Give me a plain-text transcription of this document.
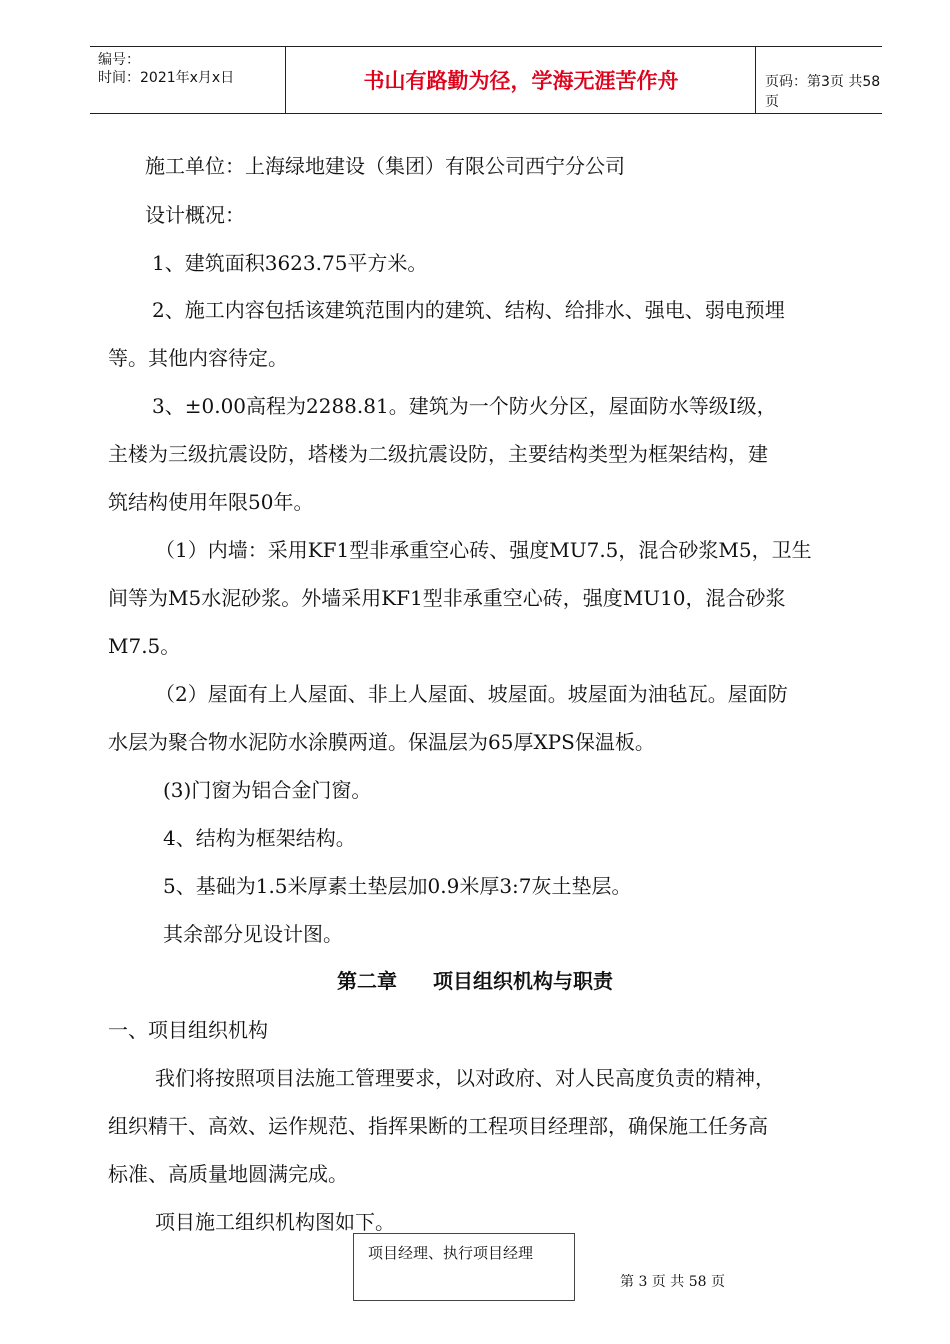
编号：
时间：2021年x月x日	书山有路勤为径，学海无涯苦作舟	页码：第3页 共58页
施工单位：上海绿地建设（集团）有限公司西宁分公司
设计概况：
1、建筑面积3623.75平方米。
2、施工内容包括该建筑范围内的建筑、结构、给排水、强电、弱电预埋
等。其他内容待定。
3、±0.00高程为2288.81。建筑为一个防火分区，屋面防水等级Ⅰ级，
主楼为三级抗震设防，塔楼为二级抗震设防，主要结构类型为框架结构，建
筑结构使用年限50年。
（1）内墙：采用KF1型非承重空心砖、强度MU7.5，混合砂浆M5，卫生
间等为M5水泥砂浆。外墙采用KF1型非承重空心砖，强度MU10，混合砂浆
M7.5。
（2）屋面有上人屋面、非上人屋面、坡屋面。坡屋面为油毡瓦。屋面防
水层为聚合物水泥防水涂膜两道。保温层为65厚XPS保温板。
(3)门窗为铝合金门窗。
4、结构为框架结构。
5、基础为1.5米厚素土垫层加0.9米厚3:7灰土垫层。
其余部分见设计图。
第二章 项目组织机构与职责
一、项目组织机构
我们将按照项目法施工管理要求，以对政府、对人民高度负责的精神，
组织精干、高效、运作规范、指挥果断的工程项目经理部，确保施工任务高
标准、高质量地圆满完成。
项目施工组织机构图如下。
项目经理、执行项目经理
第 3 页 共 58 页
